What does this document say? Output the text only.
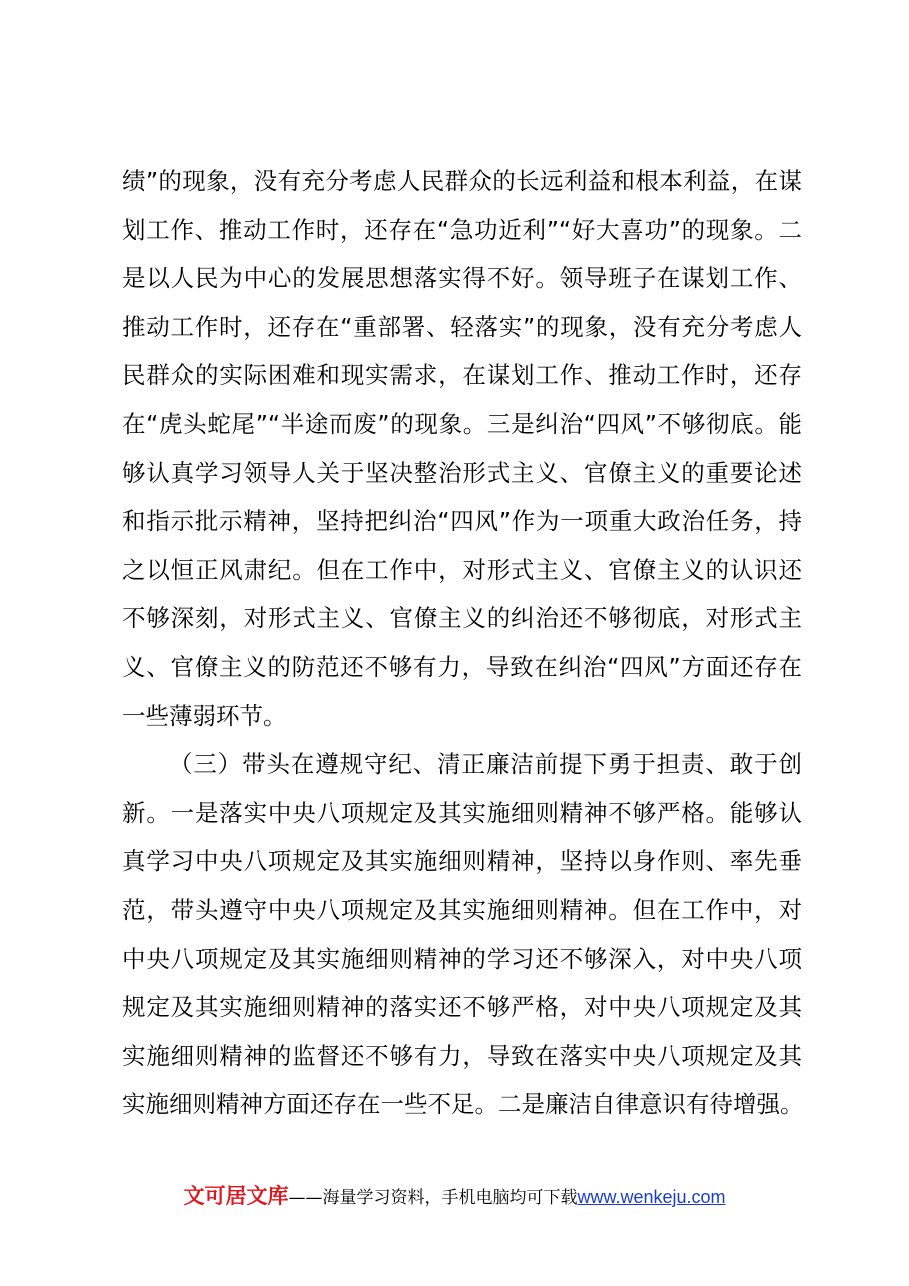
绩”的现象，没有充分考虑人民群众的长远利益和根本利益，在谋
划工作、推动工作时，还存在“急功近利”“好大喜功”的现象。二
是以人民为中心的发展思想落实得不好。领导班子在谋划工作、
推动工作时，还存在“重部署、轻落实”的现象，没有充分考虑人
民群众的实际困难和现实需求，在谋划工作、推动工作时，还存
在“虎头蛇尾”“半途而废”的现象。三是纠治“四风”不够彻底。能
够认真学习领导人关于坚决整治形式主义、官僚主义的重要论述
和指示批示精神，坚持把纠治“四风”作为一项重大政治任务，持
之以恒正风肃纪。但在工作中，对形式主义、官僚主义的认识还
不够深刻，对形式主义、官僚主义的纠治还不够彻底，对形式主
义、官僚主义的防范还不够有力，导致在纠治“四风”方面还存在
一些薄弱环节。
（三）带头在遵规守纪、清正廉洁前提下勇于担责、敢于创
新。一是落实中央八项规定及其实施细则精神不够严格。能够认
真学习中央八项规定及其实施细则精神，坚持以身作则、率先垂
范，带头遵守中央八项规定及其实施细则精神。但在工作中，对
中央八项规定及其实施细则精神的学习还不够深入，对中央八项
规定及其实施细则精神的落实还不够严格，对中央八项规定及其
实施细则精神的监督还不够有力，导致在落实中央八项规定及其
实施细则精神方面还存在一些不足。二是廉洁自律意识有待增强。
文可居文库——海量学习资料，手机电脑均可下载www.wenkeju.com
